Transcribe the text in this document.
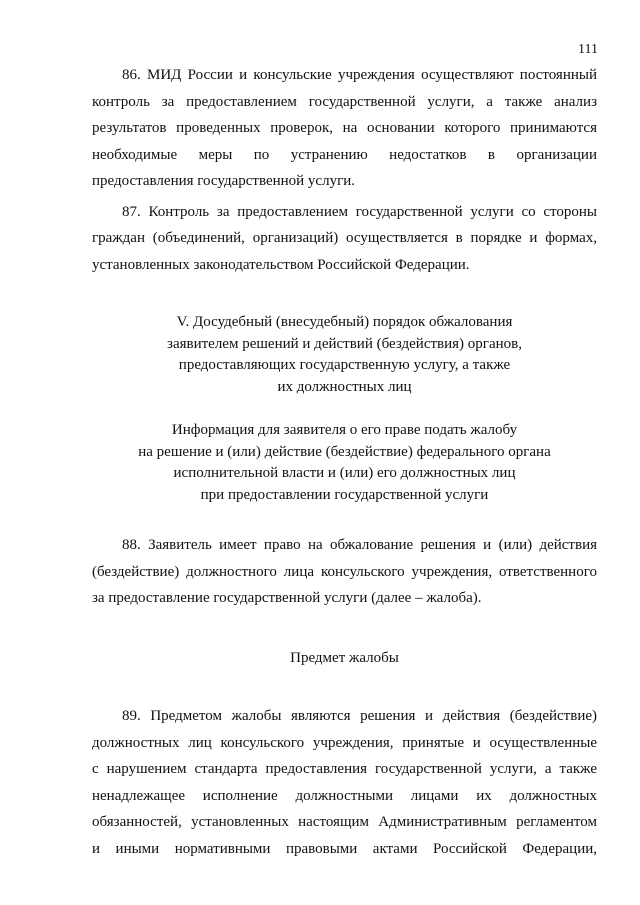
111

86. МИД России и консульские учреждения осуществляют постоянный
контроль за предоставлением государственной услуги, а также анализ
результатов проведенных проверок, на основании которого принимаются
необходимые меры по устранению недостатков в организации
предоставления государственной услуги.

87. Контроль за предоставлением государственной услуги со стороны
граждан (объединений, организаций) осуществляется в порядке и формах,
установленных законодательством Российской Федерации.

V. Досудебный (внесудебный) порядок обжалования
заявителем решений и действий (бездействия) органов,
предоставляющих государственную услугу, а также
их должностных лиц
Информация для заявителя о его праве подать жалобу
на решение и (или) действие (бездействие) федерального органа
исполнительной власти и (или) его должностных лиц
при предоставлении государственной услуги

88. Заявитель имеет право на обжалование решения и (или) действия
(бездействие) должностного лица консульского учреждения, ответственного
за предоставление государственной услуги (далее – жалоба).

Предмет жалобы

89. Предметом жалобы являются решения и действия (бездействие)
должностных лиц консульского учреждения, принятые и осуществленные
с нарушением стандарта предоставления государственной услуги, а также
ненадлежащее исполнение должностными лицами их должностных
обязанностей, установленных настоящим Административным регламентом
и иными нормативными правовыми актами Российской Федерации,
